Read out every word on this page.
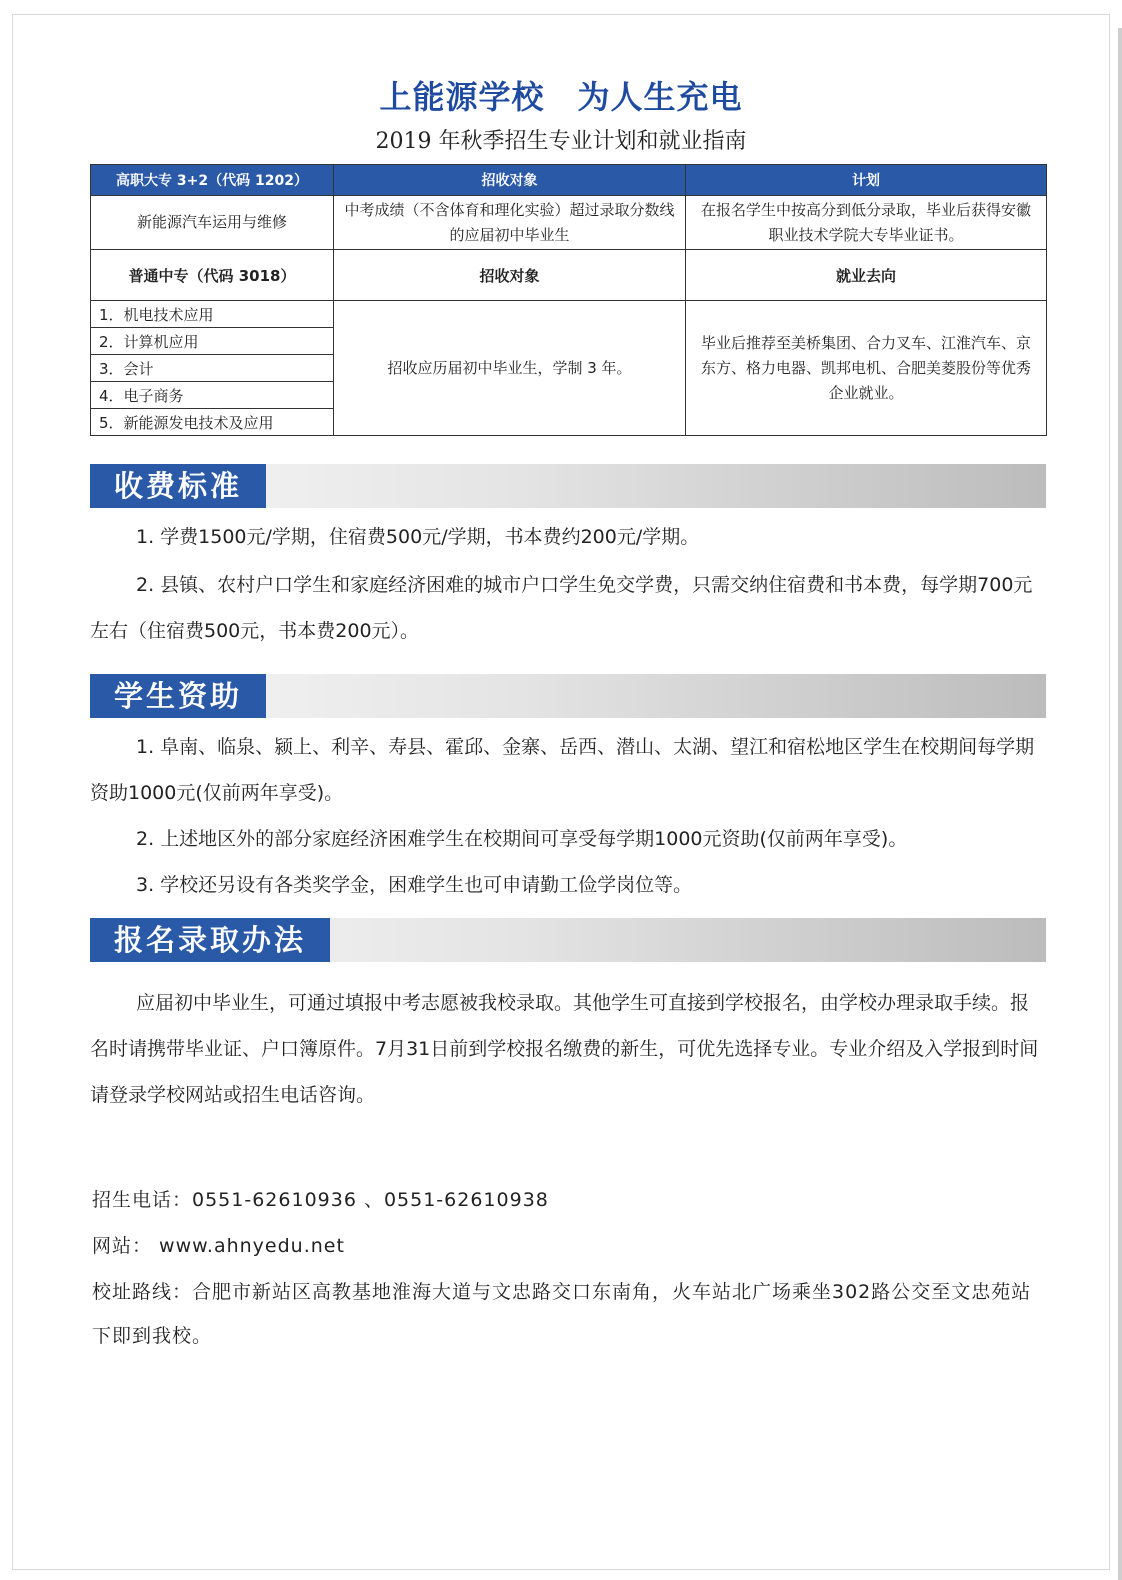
上能源学校　为人生充电
2019 年秋季招生专业计划和就业指南
高职大专 3+2（代码 1202）	招收对象	计划
新能源汽车运用与维修	中考成绩（不含体育和理化实验）超过录取分数线的应届初中毕业生	在报名学生中按高分到低分录取，毕业后获得安徽职业技术学院大专毕业证书。
普通中专（代码 3018）	招收对象	就业去向
1．机电技术应用	招收应历届初中毕业生，学制 3 年。	毕业后推荐至美桥集团、合力叉车、江淮汽车、京东方、格力电器、凯邦电机、合肥美菱股份等优秀企业就业。
2．计算机应用		
3．会计		
4．电子商务		
5．新能源发电技术及应用		
收费标准

1. 学费1500元/学期，住宿费500元/学期，书本费约200元/学期。

2. 县镇、农村户口学生和家庭经济困难的城市户口学生免交学费，只需交纳住宿费和书本费，每学期700元左右（住宿费500元，书本费200元）。

学生资助

1. 阜南、临泉、颍上、利辛、寿县、霍邱、金寨、岳西、潜山、太湖、望江和宿松地区学生在校期间每学期资助1000元(仅前两年享受)。

2. 上述地区外的部分家庭经济困难学生在校期间可享受每学期1000元资助(仅前两年享受)。

3. 学校还另设有各类奖学金，困难学生也可申请勤工俭学岗位等。

报名录取办法

应届初中毕业生，可通过填报中考志愿被我校录取。其他学生可直接到学校报名，由学校办理录取手续。报名时请携带毕业证、户口簿原件。7月31日前到学校报名缴费的新生，可优先选择专业。专业介绍及入学报到时间请登录学校网站或招生电话咨询。

招生电话：0551-62610936 、0551-62610938

网站： www.ahnyedu.net

校址路线：合肥市新站区高教基地淮海大道与文忠路交口东南角，火车站北广场乘坐302路公交至文忠苑站下即到我校。
